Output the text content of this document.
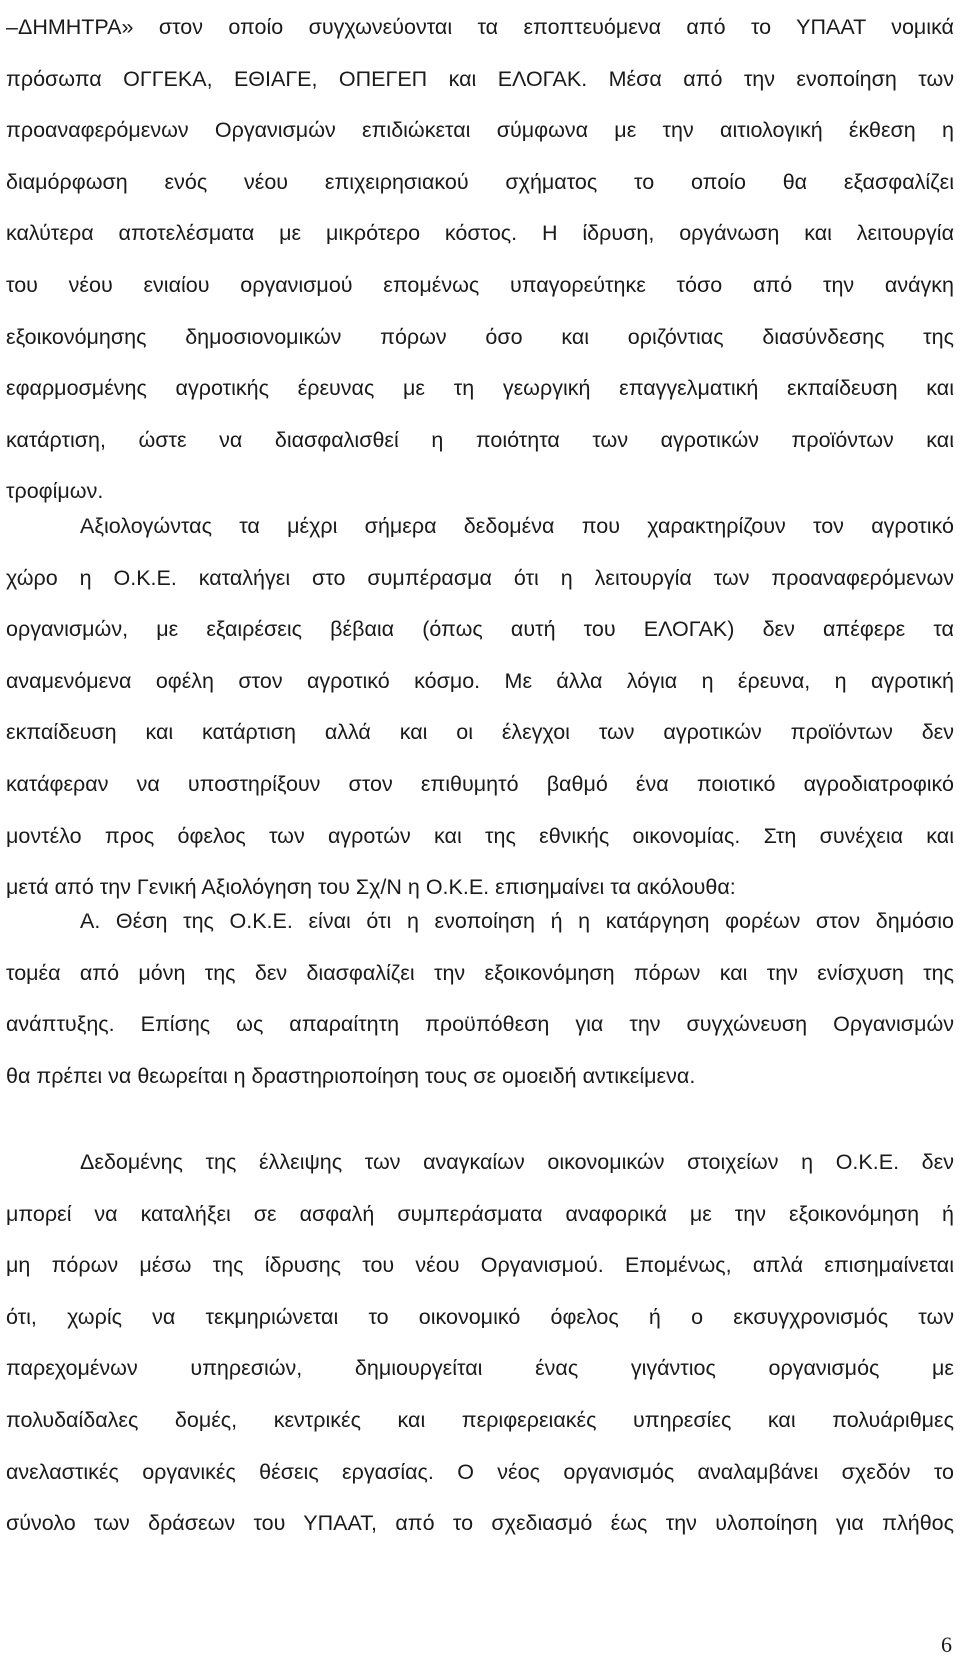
–ΔΗΜΗΤΡΑ» στον οποίο συγχωνεύονται τα εποπτευόμενα από το ΥΠΑΑΤ νομικά
πρόσωπα ΟΓΓΕΚΑ, ΕΘΙΑΓΕ, ΟΠΕΓΕΠ και ΕΛΟΓΑΚ. Μέσα από την ενοποίηση των
προαναφερόμενων Οργανισμών επιδιώκεται σύμφωνα με την αιτιολογική έκθεση η
διαμόρφωση ενός νέου επιχειρησιακού σχήματος το οποίο θα εξασφαλίζει
καλύτερα αποτελέσματα με μικρότερο κόστος. Η ίδρυση, οργάνωση και λειτουργία
του νέου ενιαίου οργανισμού επομένως υπαγορεύτηκε τόσο από την ανάγκη
εξοικονόμησης δημοσιονομικών πόρων όσο και οριζόντιας διασύνδεσης της
εφαρμοσμένης αγροτικής έρευνας με τη γεωργική επαγγελματική εκπαίδευση και
κατάρτιση, ώστε να διασφαλισθεί η ποιότητα των αγροτικών προϊόντων και
τροφίμων.
Αξιολογώντας τα μέχρι σήμερα δεδομένα που χαρακτηρίζουν τον αγροτικό
χώρο η Ο.Κ.Ε. καταλήγει στο συμπέρασμα ότι η λειτουργία των προαναφερόμενων
οργανισμών, με εξαιρέσεις βέβαια (όπως αυτή του ΕΛΟΓΑΚ) δεν απέφερε τα
αναμενόμενα οφέλη στον αγροτικό κόσμο. Με άλλα λόγια η έρευνα, η αγροτική
εκπαίδευση και κατάρτιση αλλά και οι έλεγχοι των αγροτικών προϊόντων δεν
κατάφεραν να υποστηρίξουν στον επιθυμητό βαθμό ένα ποιοτικό αγροδιατροφικό
μοντέλο προς όφελος των αγροτών και της εθνικής οικονομίας. Στη συνέχεια και
μετά από την Γενική Αξιολόγηση του Σχ/Ν η Ο.Κ.Ε. επισημαίνει τα ακόλουθα:
Α. Θέση της Ο.Κ.Ε. είναι ότι η ενοποίηση ή η κατάργηση φορέων στον δημόσιο
τομέα από μόνη της δεν διασφαλίζει την εξοικονόμηση πόρων και την ενίσχυση της
ανάπτυξης. Επίσης ως απαραίτητη προϋπόθεση για την συγχώνευση Οργανισμών
θα πρέπει να θεωρείται η δραστηριοποίηση τους σε ομοειδή αντικείμενα.
Δεδομένης της έλλειψης των αναγκαίων οικονομικών στοιχείων η Ο.Κ.Ε. δεν
μπορεί να καταλήξει σε ασφαλή συμπεράσματα αναφορικά με την εξοικονόμηση ή
μη πόρων μέσω της ίδρυσης του νέου Οργανισμού. Επομένως, απλά επισημαίνεται
ότι, χωρίς να τεκμηριώνεται το οικονομικό όφελος ή ο εκσυγχρονισμός των
παρεχομένων υπηρεσιών, δημιουργείται ένας γιγάντιος οργανισμός με
πολυδαίδαλες δομές, κεντρικές και περιφερειακές υπηρεσίες και πολυάριθμες
ανελαστικές οργανικές θέσεις εργασίας. Ο νέος οργανισμός αναλαμβάνει σχεδόν το
σύνολο των δράσεων του ΥΠΑΑΤ, από το σχεδιασμό έως την υλοποίηση για πλήθος
6
